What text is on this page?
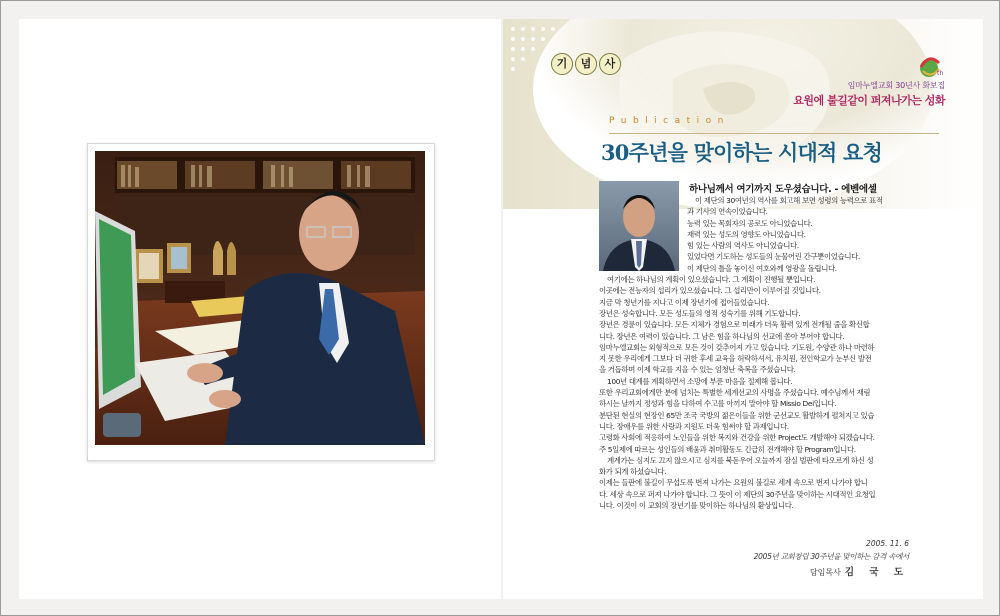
기	념	사
th
임마누엘교회 30년사 화보집
요원에 불길같이 퍼져나가는 성화
Publication
30주년을 맞이하는 시대적 요청
하나님께서 여기까지 도우셨습니다. - 에벤에셀

이 제단의 30여년의 역사를 회고해 보면 성령의 능력으로 표적

과 기사의 연속이었습니다.

능력 있는 목회자의 공로도 아니었습니다.

재력 있는 성도의 영향도 아니었습니다.

힘 있는 사람의 역사도 아니었습니다.

있었다면 기도하는 성도들의 눈물어린 간구뿐이었습니다.

이 제단의 틀을 놓이신 여호와께 영광을 돌립니다.

여기에는 하나님의 계획이 있으셨습니다. 그 계획이 진행될 뿐입니다.

이곳에는 전능자의 섭리가 있으셨습니다. 그 섭리만이 이루어질 것입니다.

지금 막 청년기를 지나고 이제 장년기에 접어들었습니다.

장년은 성숙합니다. 모든 성도들의 영적 성숙기를 위해 기도합니다.

장년은 경륜이 있습니다. 모든 지체가 경험으로 미래가 더욱 활력 있게 전개될 줄을 확신합

니다. 장년은 여력이 있습니다. 그 남은 힘을 하나님의 선교에 쏟아 부어야 합니다.

임마누엘교회는 외형적으로 모든 것이 갖추어져 가고 있습니다. 기도원, 수양관 하나 마련하

지 못한 우리에게 그보다 더 귀한 후세 교육을 허락하셔서, 유치원, 전인학교가 눈부신 발전

을 거듭하며 이제 학교를 지을 수 있는 엄청난 축복을 주셨습니다.

100년 대계를 계획하면서 소망에 부푼 마음을 절제해 봅니다.

또한 우리교회에게만 분에 넘치는 특별한 세계선교의 사명을 주셨습니다. 예수님께서 재림

하시는 날까지 정성과 힘을 다하여 수고를 아끼지 말아야 할 Missio Dei입니다.

분단된 현실의 현장인 65만 조국 국방의 젊은이들을 위한 군선교도 활발하게 펼쳐지고 있습

니다. 장애우를 위한 사랑과 지원도 더욱 힘써야 할 과제입니다.

고령화 사회에 적응하여 노인들을 위한 복지와 건강을 위한 Project도 개발해야 되겠습니다.

주 5일제에 따르는 성인들의 배움과 취미활동도 긴급히 전개해야 할 Program입니다.

계계가는 심지도 끄지 않으시고 심지를 북돋우어 오늘까지 잠실 벌판에 타오르게 하신 성

화가 되게 하셨습니다.

이제는 들판에 불길이 무섭도록 번져 나가는 요원의 불길로 세계 속으로 번져 나가야 합니

다. 세상 속으로 퍼져 나가야 합니다. 그 뜻이 이 제단의 30주년을 맞이하는 시대적인 요청입

니다. 이것이 이 교회의 장년기를 맞이하는 하나님의 환상입니다.

2005. 11. 6
2005년 교회창립 30주년을 맞이하는 감격 속에서
담임목사 김 국 도
